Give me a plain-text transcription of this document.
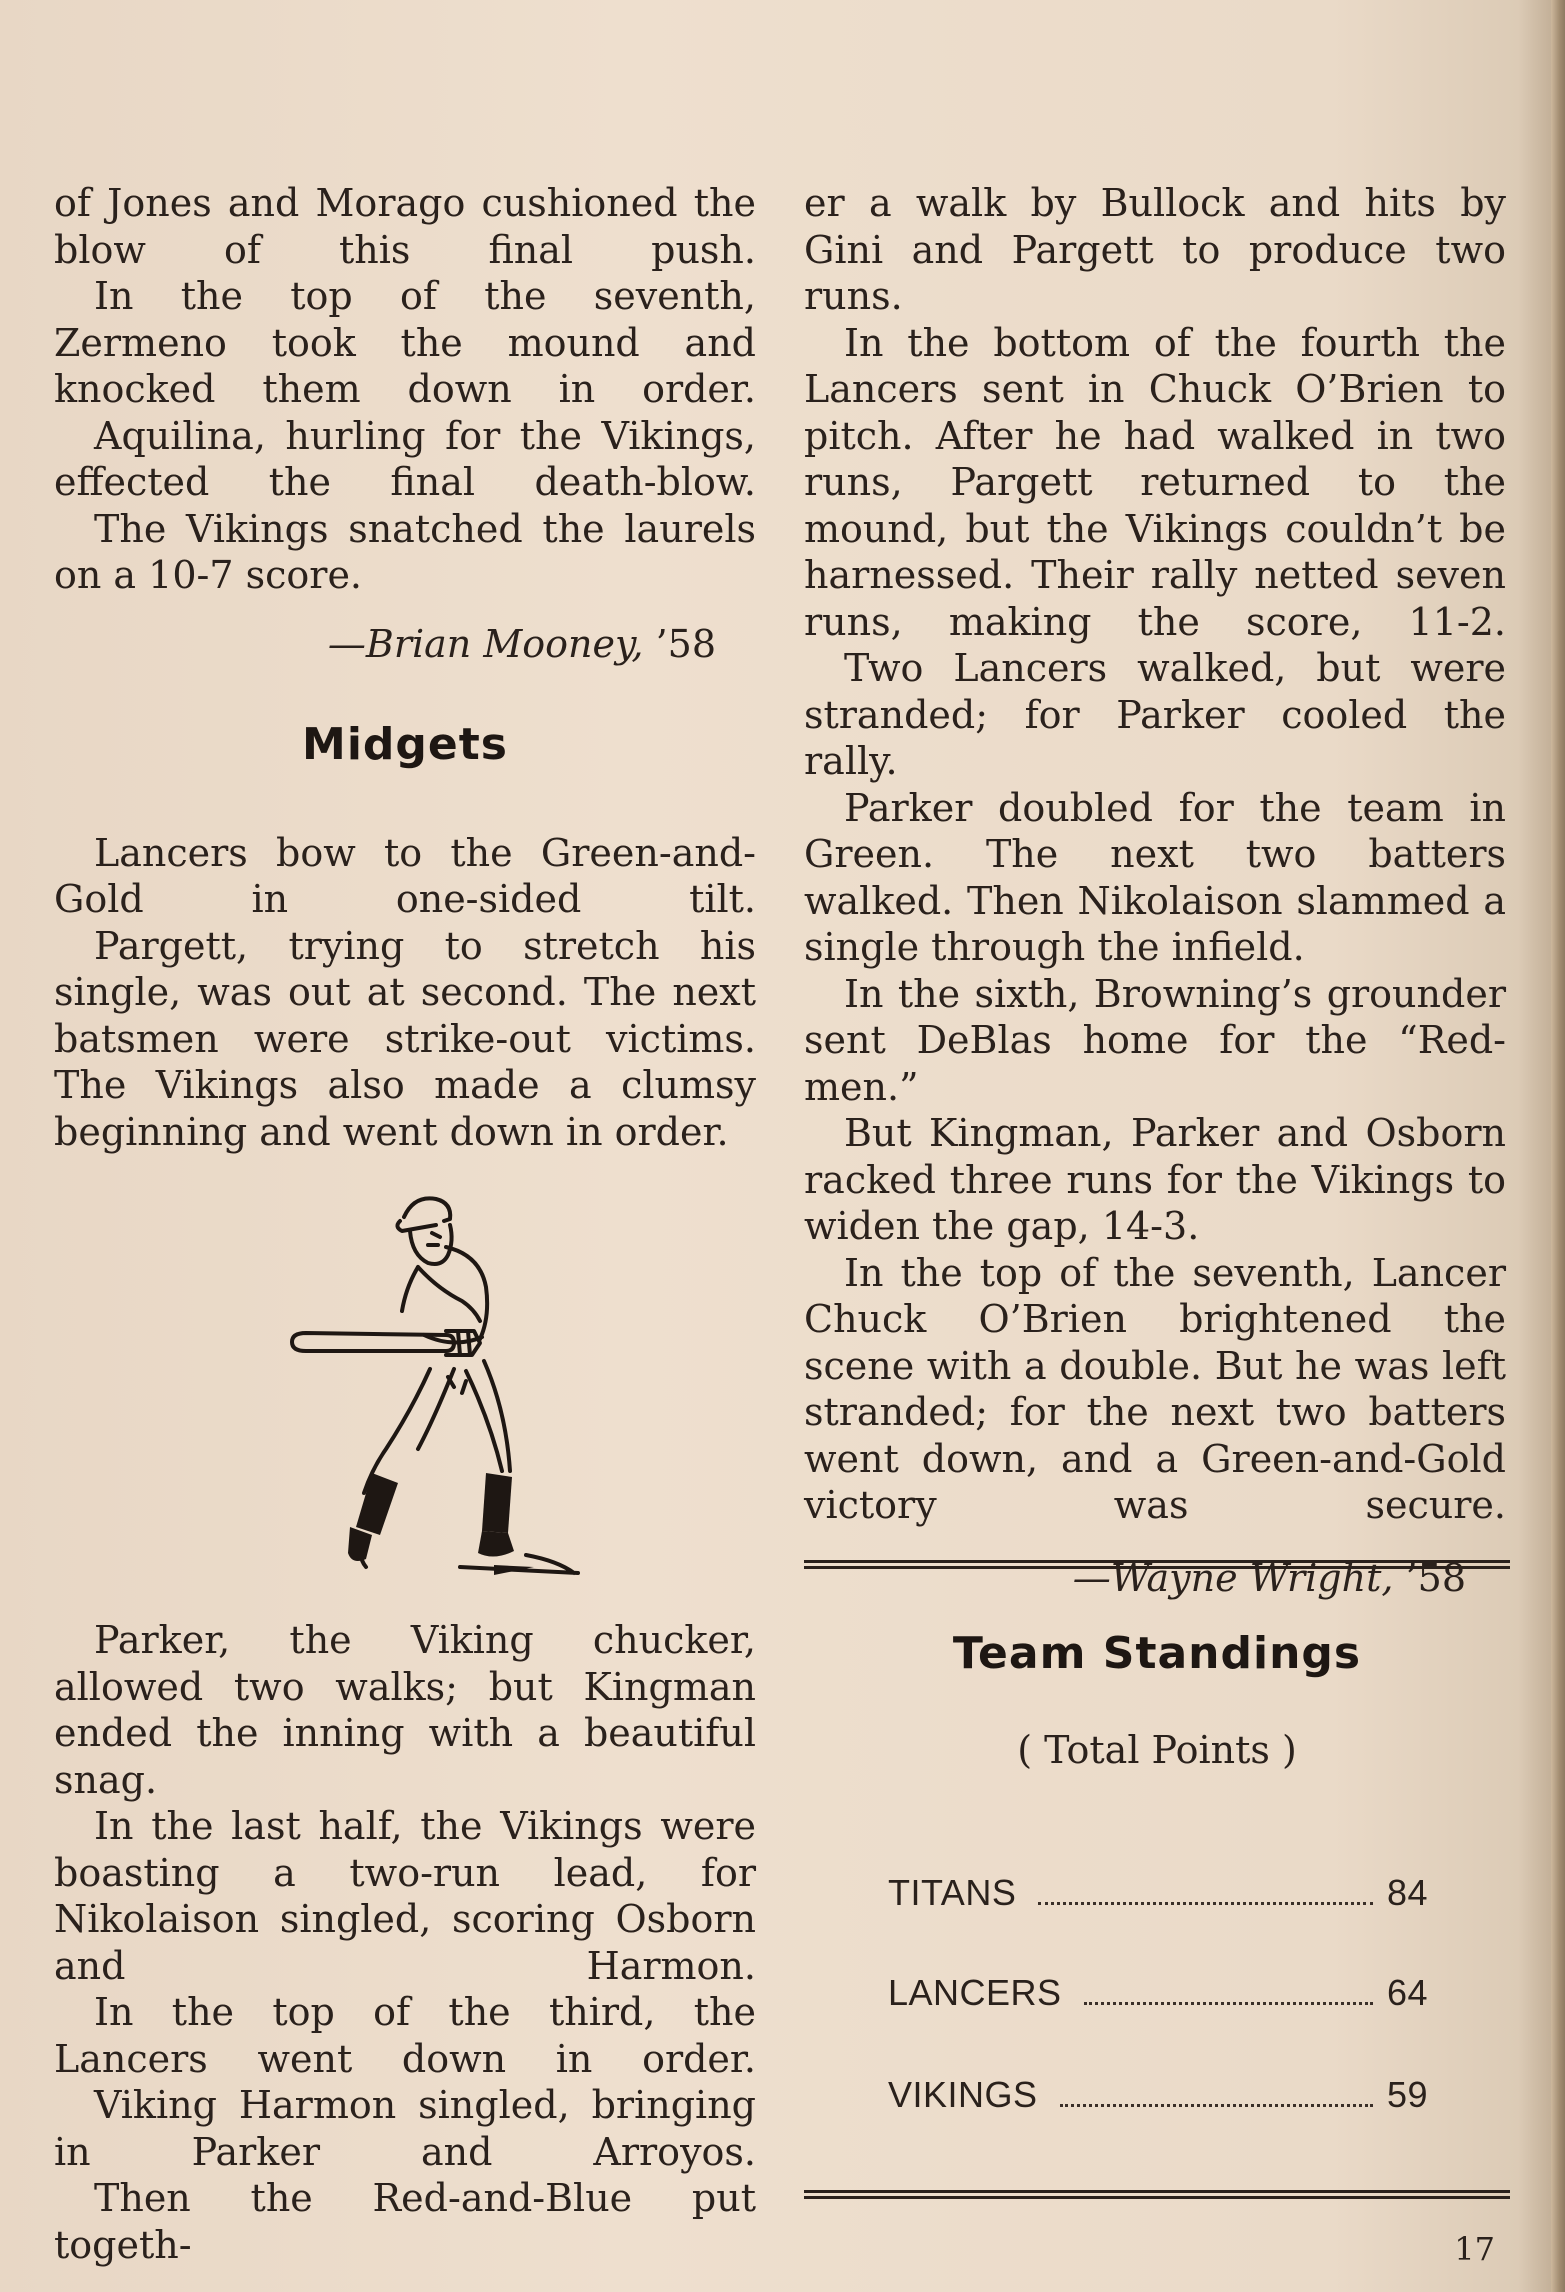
of Jones and Morago cushioned the blow of this final push.

In the top of the seventh, Zermeno took the mound and knocked them down in order.

Aquilina, hurling for the Vikings, effected the final death-blow.

The Vikings snatched the laurels on a 10-7 score.

—Brian Mooney, ’58

Midgets

Lancers bow to the Green-and-Gold in one-sided tilt.

Pargett, trying to stretch his single, was out at second. The next batsmen were strike-out victims. The Vikings also made a clumsy beginning and went down in order.

Parker, the Viking chucker, allowed two walks; but Kingman ended the inning with a beautiful snag.

In the last half, the Vikings were boasting a two-run lead, for Nikolaison singled, scoring Osborn and Harmon.

In the top of the third, the Lancers went down in order.

Viking Harmon singled, bringing in Parker and Arroyos.

Then the Red-and-Blue put togeth-

er a walk by Bullock and hits by Gini and Pargett to produce two runs.

In the bottom of the fourth the Lancers sent in Chuck O’Brien to pitch. After he had walked in two runs, Pargett returned to the mound, but the Vikings couldn’t be harnessed. Their rally netted seven runs, making the score, 11-2.

Two Lancers walked, but were stranded; for Parker cooled the rally.

Parker doubled for the team in Green. The next two batters walked. Then Nikolaison slammed a single through the infield.

In the sixth, Browning’s grounder sent DeBlas home for the “Red-men.”

But Kingman, Parker and Osborn racked three runs for the Vikings to widen the gap, 14-3.

In the top of the seventh, Lancer Chuck O’Brien brightened the scene with a double. But he was left stranded; for the next two batters went down, and a Green-and-Gold victory was secure.

—Wayne Wright, ’58

Team Standings
( Total Points )
TITANS	84
LANCERS	64
VIKINGS	59
17
